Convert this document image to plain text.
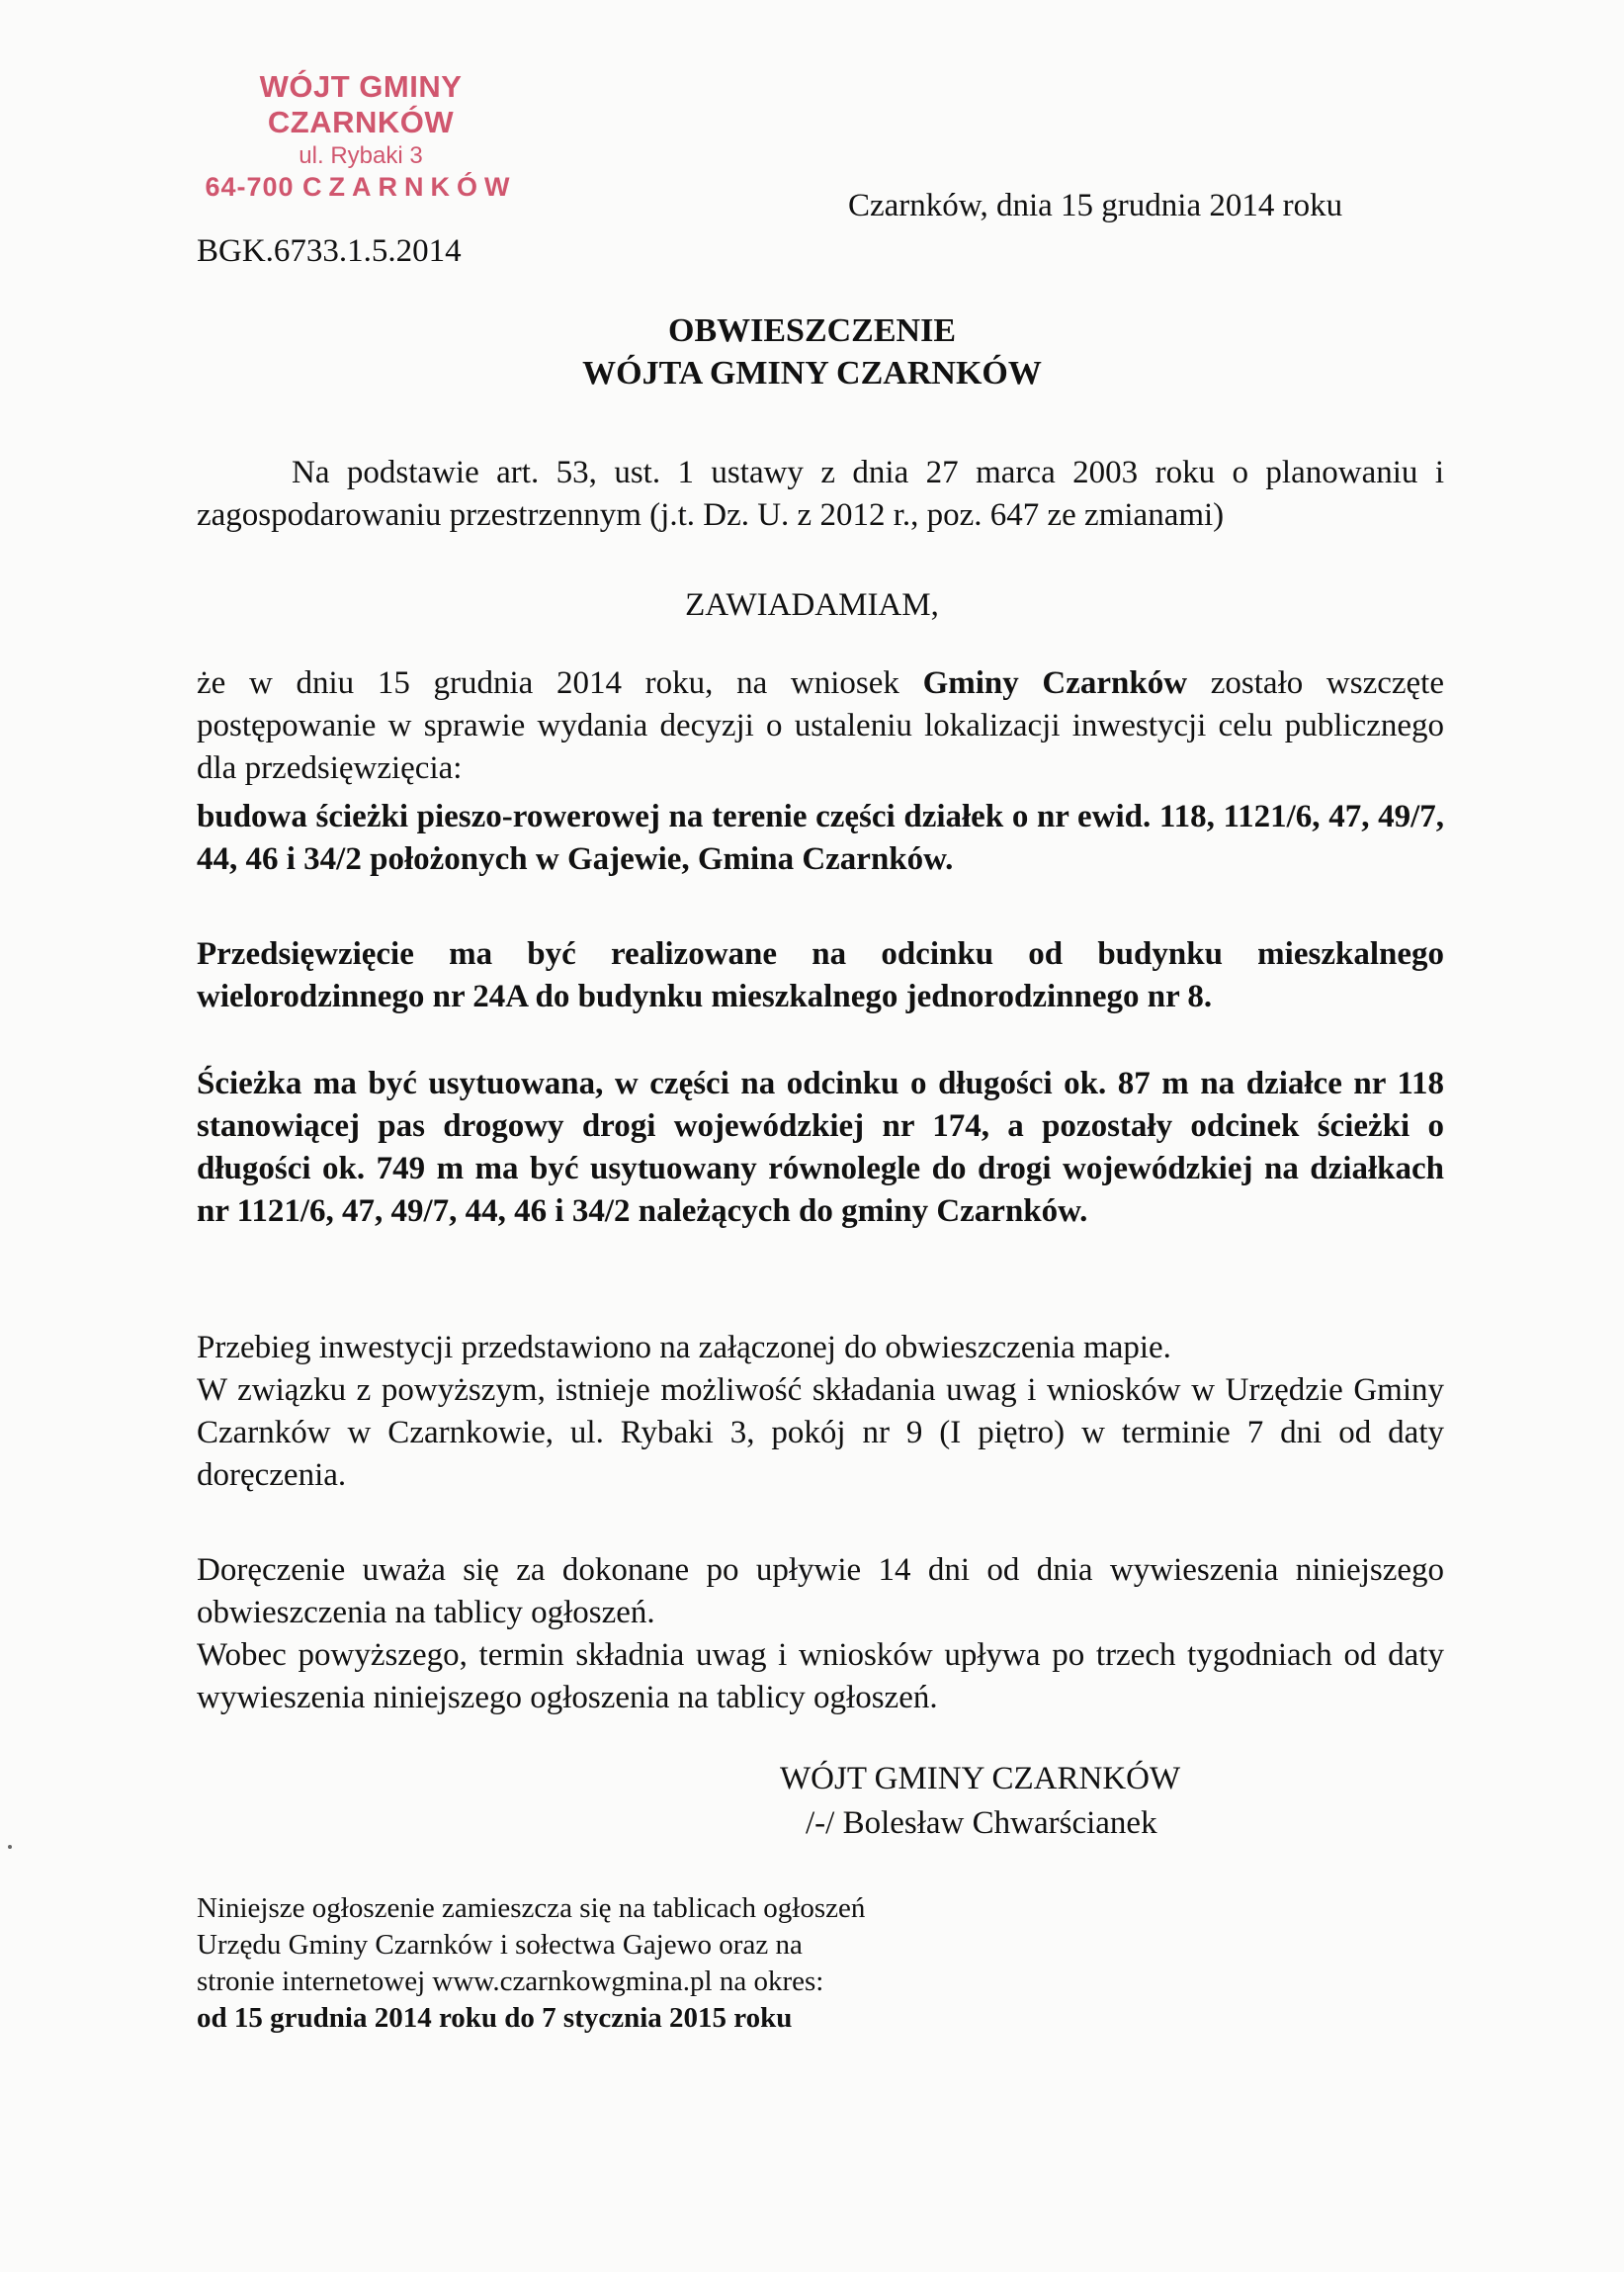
WÓJT GMINY CZARNKÓW
ul. Rybaki 3
64-700 CZARNKÓW
Czarnków, dnia 15 grudnia 2014 roku
BGK.6733.1.5.2014
OBWIESZCZENIE
WÓJTA GMINY CZARNKÓW
Na podstawie art. 53, ust. 1 ustawy z dnia 27 marca 2003 roku o planowaniu i zagospodarowaniu przestrzennym (j.t. Dz. U. z 2012 r., poz. 647 ze zmianami)
ZAWIADAMIAM,
że w dniu 15 grudnia 2014 roku, na wniosek Gminy Czarnków zostało wszczęte postępowanie w sprawie wydania decyzji o ustaleniu lokalizacji inwestycji celu publicznego dla przedsięwzięcia:
budowa ścieżki pieszo-rowerowej na terenie części działek o nr ewid. 118, 1121/6, 47, 49/7, 44, 46 i 34/2 położonych w Gajewie, Gmina Czarnków.
Przedsięwzięcie ma być realizowane na odcinku od budynku mieszkalnego wielorodzinnego nr 24A do budynku mieszkalnego jednorodzinnego nr 8.
Ścieżka ma być usytuowana, w części na odcinku o długości ok. 87 m na działce nr 118 stanowiącej pas drogowy drogi wojewódzkiej nr 174, a pozostały odcinek ścieżki o długości ok. 749 m ma być usytuowany równolegle do drogi wojewódzkiej na działkach nr 1121/6, 47, 49/7, 44, 46 i 34/2 należących do gminy Czarnków.
Przebieg inwestycji przedstawiono na załączonej do obwieszczenia mapie.
W związku z powyższym, istnieje możliwość składania uwag i wniosków w Urzędzie Gminy Czarnków w Czarnkowie, ul. Rybaki 3, pokój nr 9 (I piętro) w terminie 7 dni od daty doręczenia.
Doręczenie uważa się za dokonane po upływie 14 dni od dnia wywieszenia niniejszego obwieszczenia na tablicy ogłoszeń.
Wobec powyższego, termin składnia uwag i wniosków upływa po trzech tygodniach od daty wywieszenia niniejszego ogłoszenia na tablicy ogłoszeń.
WÓJT GMINY CZARNKÓW
/-/ Bolesław Chwarścianek
Niniejsze ogłoszenie zamieszcza się na tablicach ogłoszeń
Urzędu Gminy Czarnków i sołectwa Gajewo oraz na
stronie internetowej www.czarnkowgmina.pl na okres:
od 15 grudnia 2014 roku do 7 stycznia 2015 roku
